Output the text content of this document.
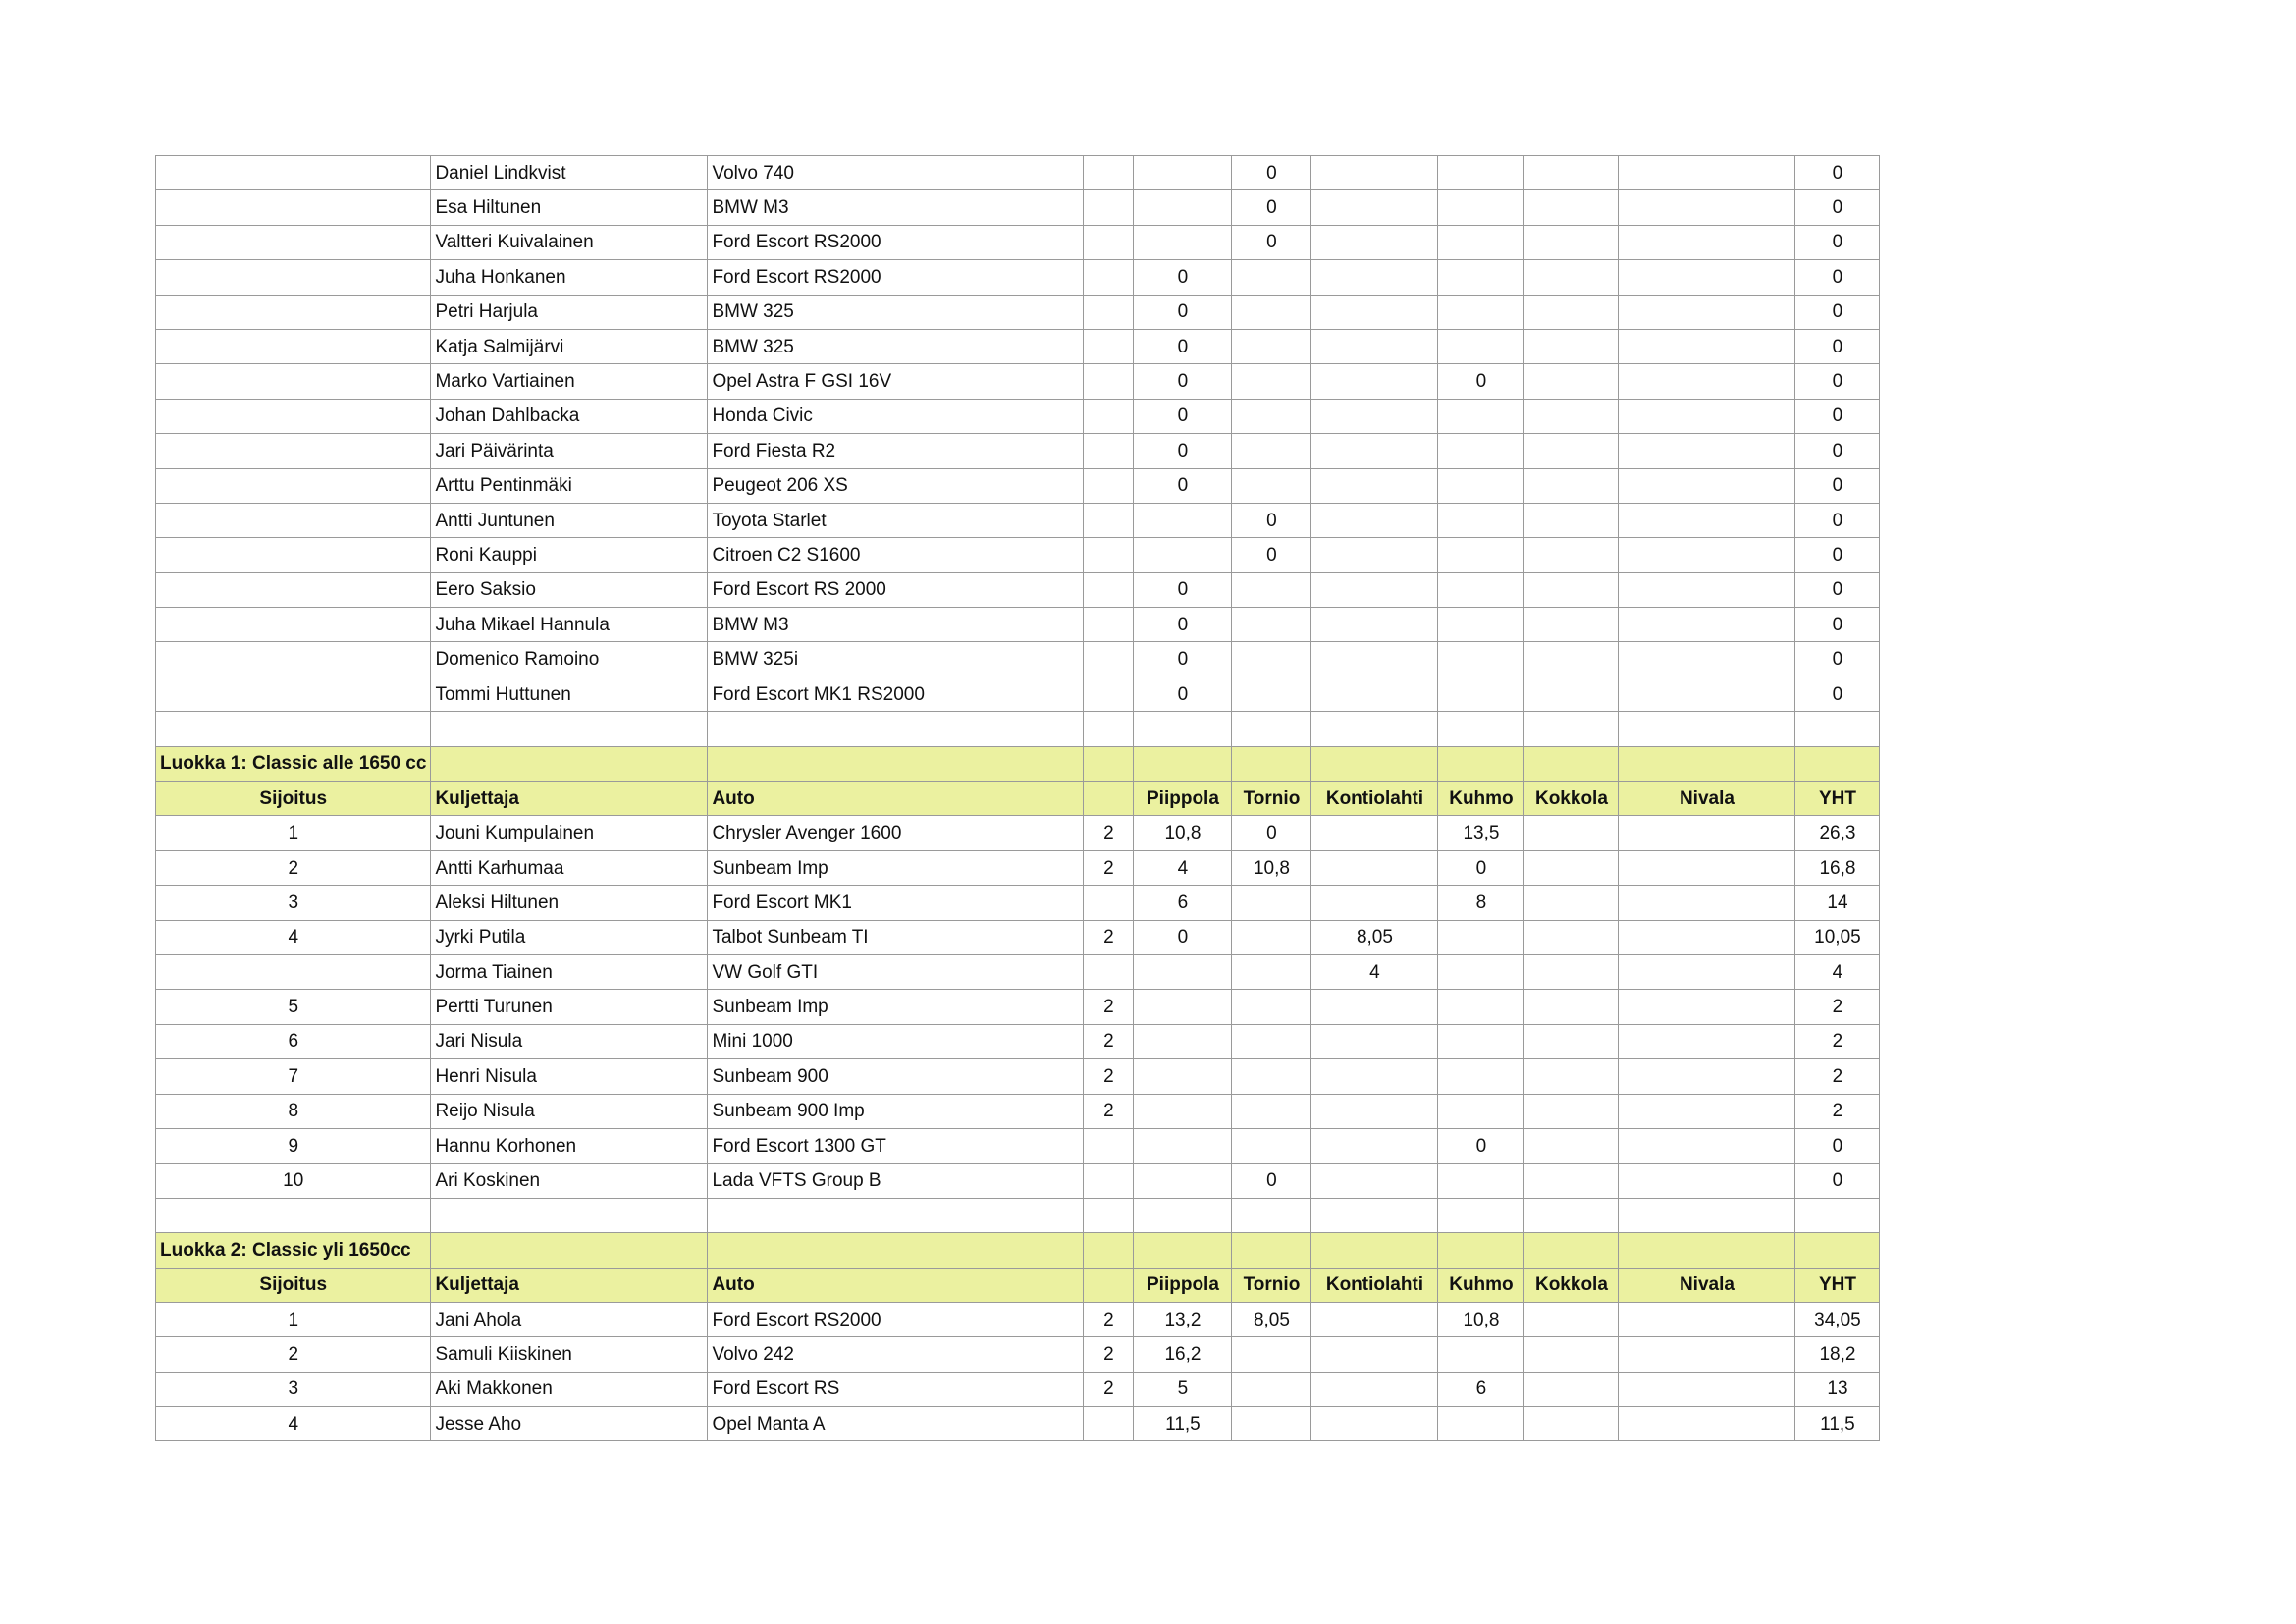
	Daniel Lindkvist	Volvo 740			0					0
	Esa Hiltunen	BMW M3			0					0
	Valtteri Kuivalainen	Ford Escort RS2000			0					0
	Juha Honkanen	Ford Escort RS2000		0						0
	Petri Harjula	BMW 325		0						0
	Katja Salmijärvi	BMW 325		0						0
	Marko Vartiainen	Opel Astra F GSI 16V		0			0			0
	Johan Dahlbacka	Honda Civic		0						0
	Jari Päivärinta	Ford Fiesta R2		0						0
	Arttu Pentinmäki	Peugeot 206 XS		0						0
	Antti Juntunen	Toyota Starlet			0					0
	Roni Kauppi	Citroen C2 S1600			0					0
	Eero Saksio	Ford Escort RS 2000		0						0
	Juha Mikael Hannula	BMW M3		0						0
	Domenico Ramoino	BMW 325i		0						0
	Tommi Huttunen	Ford Escort MK1 RS2000		0						0

Luokka 1: Classic alle 1650 cc										
Sijoitus	Kuljettaja	Auto		Piippola	Tornio	Kontiolahti	Kuhmo	Kokkola	Nivala	YHT
1	Jouni Kumpulainen	Chrysler Avenger 1600	2	10,8	0		13,5			26,3
2	Antti Karhumaa	Sunbeam Imp	2	4	10,8		0			16,8
3	Aleksi Hiltunen	Ford Escort MK1		6			8			14
4	Jyrki Putila	Talbot Sunbeam TI	2	0		8,05				10,05
	Jorma Tiainen	VW Golf GTI				4				4
5	Pertti Turunen	Sunbeam Imp	2							2
6	Jari Nisula	Mini 1000	2							2
7	Henri Nisula	Sunbeam 900	2							2
8	Reijo Nisula	Sunbeam 900 Imp	2							2
9	Hannu Korhonen	Ford Escort 1300 GT					0			0
10	Ari Koskinen	Lada VFTS Group B			0					0

Luokka 2: Classic yli 1650cc										
Sijoitus	Kuljettaja	Auto		Piippola	Tornio	Kontiolahti	Kuhmo	Kokkola	Nivala	YHT
1	Jani Ahola	Ford Escort RS2000	2	13,2	8,05		10,8			34,05
2	Samuli Kiiskinen	Volvo 242	2	16,2						18,2
3	Aki Makkonen	Ford Escort RS	2	5			6			13
4	Jesse Aho	Opel Manta A		11,5						11,5
